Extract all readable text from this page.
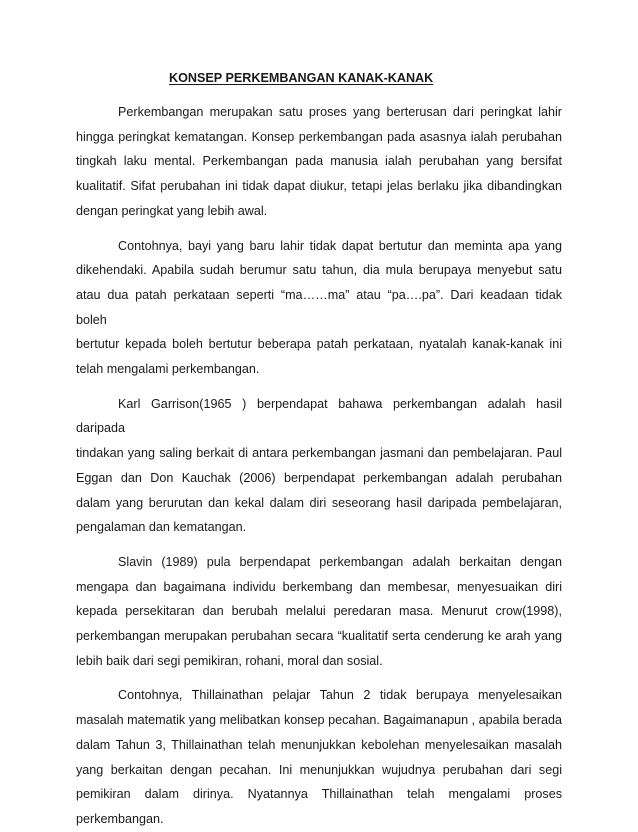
KONSEP PERKEMBANGAN KANAK-KANAK

Perkembangan merupakan satu proses yang berterusan dari peringkat lahir
hingga peringkat kematangan. Konsep perkembangan pada asasnya ialah perubahan
tingkah laku mental. Perkembangan pada manusia ialah perubahan yang bersifat
kualitatif. Sifat perubahan ini tidak dapat diukur, tetapi jelas berlaku jika dibandingkan
dengan peringkat yang lebih awal.

Contohnya, bayi yang baru lahir tidak dapat bertutur dan meminta apa yang
dikehendaki. Apabila sudah berumur satu tahun, dia mula berupaya menyebut satu
atau dua patah perkataan seperti “ma……ma” atau “pa….pa”. Dari keadaan tidak boleh
bertutur kepada boleh bertutur beberapa patah perkataan, nyatalah kanak-kanak ini
telah mengalami perkembangan.

Karl Garrison(1965 ) berpendapat bahawa perkembangan adalah hasil daripada
tindakan yang saling berkait di antara perkembangan jasmani dan pembelajaran. Paul
Eggan dan Don Kauchak (2006) berpendapat perkembangan adalah perubahan
dalam yang berurutan dan kekal dalam diri seseorang hasil daripada pembelajaran,
pengalaman dan kematangan.

Slavin (1989) pula berpendapat perkembangan adalah berkaitan dengan
mengapa dan bagaimana individu berkembang dan membesar, menyesuaikan diri
kepada persekitaran dan berubah melalui peredaran masa. Menurut crow(1998),
perkembangan merupakan perubahan secara “kualitatif serta cenderung ke arah yang
lebih baik dari segi pemikiran, rohani, moral dan sosial.

Contohnya, Thillainathan pelajar Tahun 2 tidak berupaya menyelesaikan
masalah matematik yang melibatkan konsep pecahan. Bagaimanapun , apabila berada
dalam Tahun 3, Thillainathan telah menunjukkan kebolehan menyelesaikan masalah
yang berkaitan dengan pecahan. Ini menunjukkan wujudnya perubahan dari segi
pemikiran dalam dirinya. Nyatannya Thillainathan telah mengalami proses
perkembangan.
